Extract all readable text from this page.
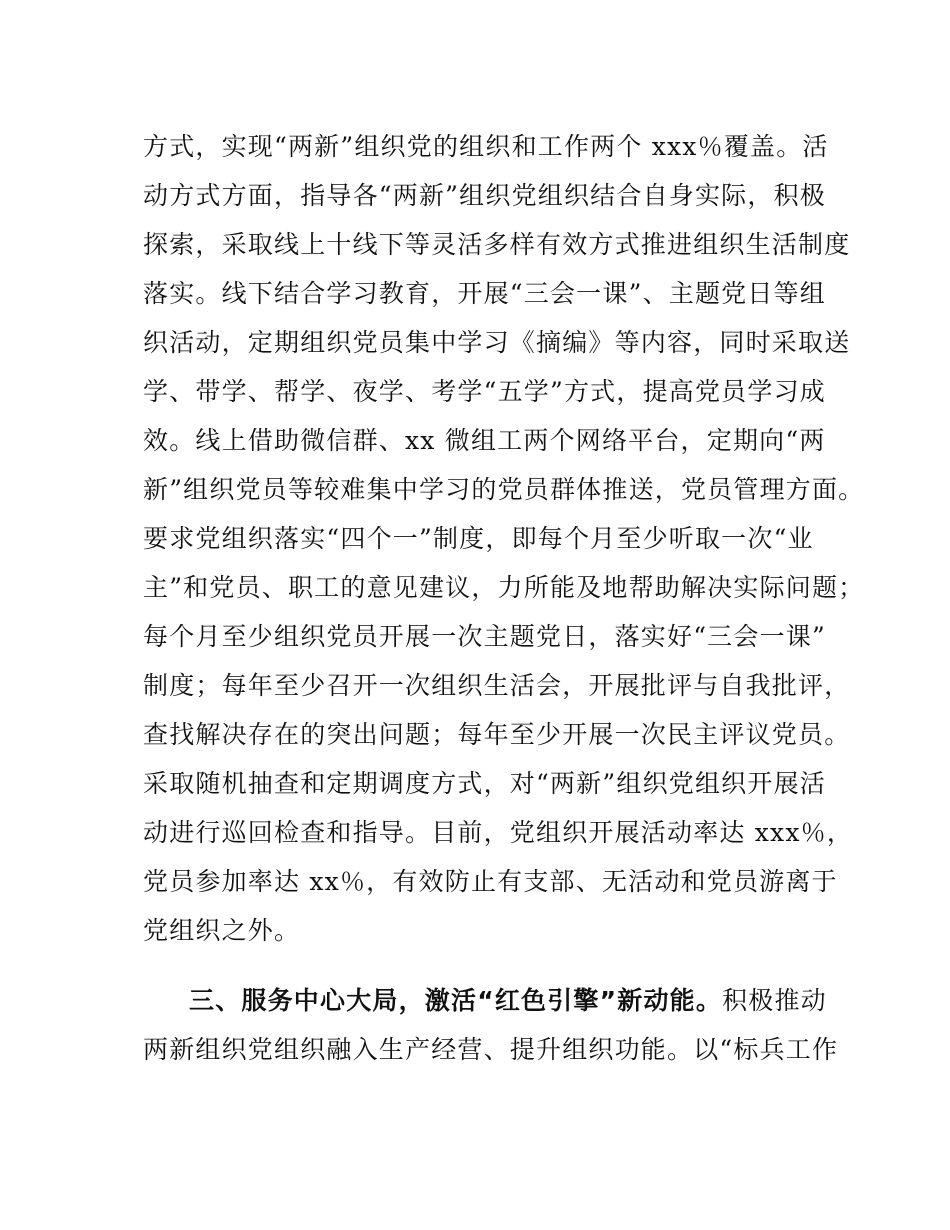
方式，实现“两新”组织党的组织和工作两个 xxx％覆盖。活
动方式方面，指导各“两新”组织党组织结合自身实际，积极
探索，采取线上十线下等灵活多样有效方式推进组织生活制度
落实。线下结合学习教育，开展“三会一课”、主题党日等组
织活动，定期组织党员集中学习《摘编》等内容，同时采取送
学、带学、帮学、夜学、考学“五学”方式，提高党员学习成
效。线上借助微信群、xx 微组工两个网络平台，定期向“两
新”组织党员等较难集中学习的党员群体推送，党员管理方面。
要求党组织落实“四个一”制度，即每个月至少听取一次“业
主”和党员、职工的意见建议，力所能及地帮助解决实际问题；
每个月至少组织党员开展一次主题党日，落实好“三会一课”
制度；每年至少召开一次组织生活会，开展批评与自我批评，
查找解决存在的突出问题；每年至少开展一次民主评议党员。
采取随机抽查和定期调度方式，对“两新”组织党组织开展活
动进行巡回检查和指导。目前，党组织开展活动率达 xxx％，
党员参加率达 xx％，有效防止有支部、无活动和党员游离于
党组织之外。
三、服务中心大局，激活“红色引擎”新动能。积极推动
两新组织党组织融入生产经营、提升组织功能。以“标兵工作
